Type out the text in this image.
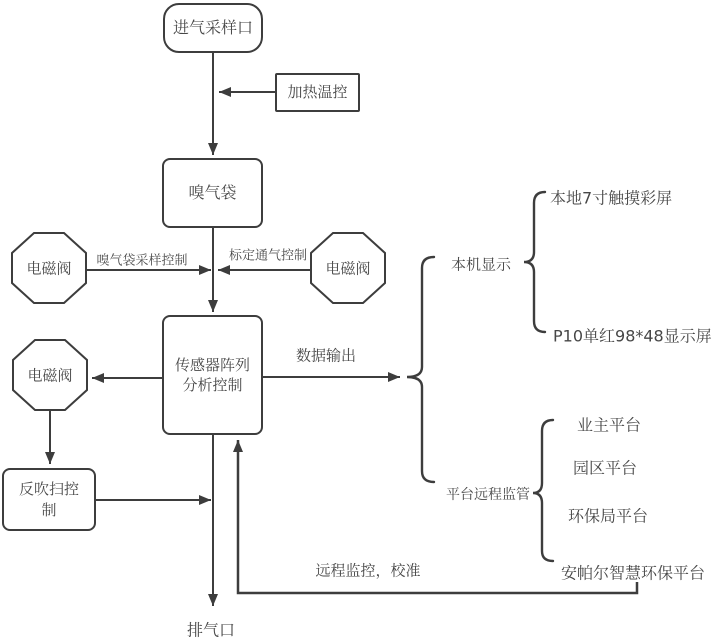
进气采样口
加热温控
嗅气袋
传感器阵列
分析控制
反吹扫控
制
电磁阀	电磁阀
电磁阀
嗅气袋采样控制	标定通气控制
数据输出
远程监控，校准
排气口
本机显示
平台远程监管
本地7寸触摸彩屏
P10单红98*48显示屏
业主平台
园区平台
环保局平台
安帕尔智慧环保平台
